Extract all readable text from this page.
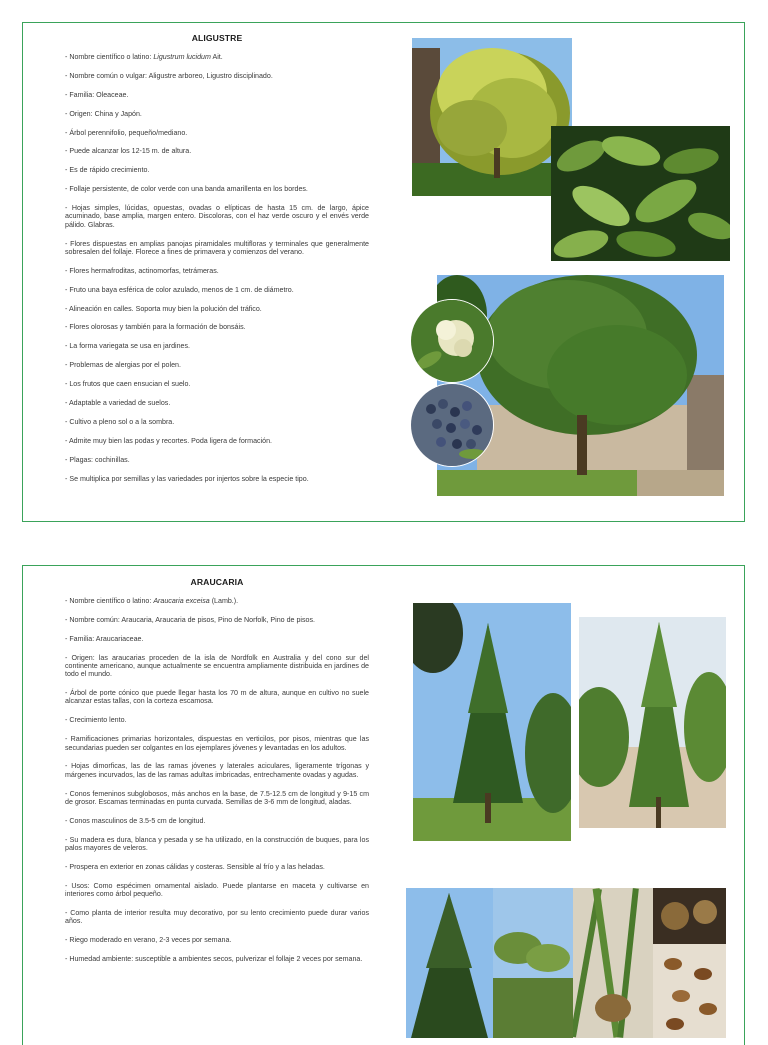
ALIGUSTRE
- Nombre científico o latino: Ligustrum lucidum Ait.
- Nombre común o vulgar: Aligustre arboreo, Ligustro disciplinado.
- Familia: Oleaceae.
- Origen: China y Japón.
- Árbol perennifolio, pequeño/mediano.
- Puede alcanzar los 12-15 m. de altura.
- Es de rápido crecimiento.
- Follaje persistente, de color verde con una banda amarillenta en los bordes.
- Hojas simples, lúcidas, opuestas, ovadas o elípticas de hasta 15 cm. de largo, ápice acuminado, base amplia, margen entero. Discoloras, con el haz verde oscuro y el envés verde pálido. Glabras.
- Flores dispuestas en amplias panojas piramidales multifloras y terminales que generalmente sobresalen del follaje. Florece a fines de primavera y comienzos del verano.
- Flores hermafroditas, actinomorfas, tetrámeras.
- Fruto una baya esférica de color azulado, menos de 1 cm. de diámetro.
- Alineación en calles. Soporta muy bien la polución del tráfico.
- Flores olorosas y también para la formación de bonsáis.
- La forma variegata se usa en jardines.
- Problemas de alergias por el polen.
- Los frutos que caen ensucian el suelo.
- Adaptable a variedad de suelos.
- Cultivo a pleno sol o a la sombra.
- Admite muy bien las podas y recortes. Poda ligera de formación.
- Plagas: cochinillas.
- Se multiplica por semillas y las variedades por injertos sobre la especie tipo.
ARAUCARIA
- Nombre científico o latino: Araucaria exceisa (Lamb.).
- Nombre común: Araucaria, Araucaria de pisos, Pino de Norfolk, Pino de pisos.
- Familia: Araucariaceae.
- Origen: las araucarias proceden de la isla de Nordfolk en Australia y del cono sur del continente americano, aunque actualmente se encuentra ampliamente distribuida en jardines de todo el mundo.
- Árbol de porte cónico que puede llegar hasta los 70 m de altura, aunque en cultivo no suele alcanzar estas tallas, con la corteza escamosa.
- Crecimiento lento.
- Ramificaciones primarias horizontales, dispuestas en verticilos, por pisos, mientras que las secundarias pueden ser colgantes en los ejemplares jóvenes y levantadas en los adultos.
- Hojas dimorficas, las de las ramas jóvenes y laterales aciculares, ligeramente trígonas y márgenes incurvados, las de las ramas adultas imbricadas, entrechamente ovadas y agudas.
- Conos femeninos subglobosos, más anchos en la base, de 7.5-12.5 cm de longitud y 9-15 cm de grosor. Escamas terminadas en punta curvada. Semillas de 3-6 mm de longitud, aladas.
- Conos masculinos de 3.5-5 cm de longitud.
- Su madera es dura, blanca y pesada y se ha utilizado, en la construcción de buques, para los palos mayores de veleros.
- Prospera en exterior en zonas cálidas y costeras. Sensible al frío y a las heladas.
- Usos: Como espécimen ornamental aislado. Puede plantarse en maceta y cultivarse en interiores como árbol pequeño.
- Como planta de interior resulta muy decorativo, por su lento crecimiento puede durar varios años.
- Riego moderado en verano, 2-3 veces por semana.
- Humedad ambiente: susceptible a ambientes secos, pulverizar el follaje 2 veces por semana.
